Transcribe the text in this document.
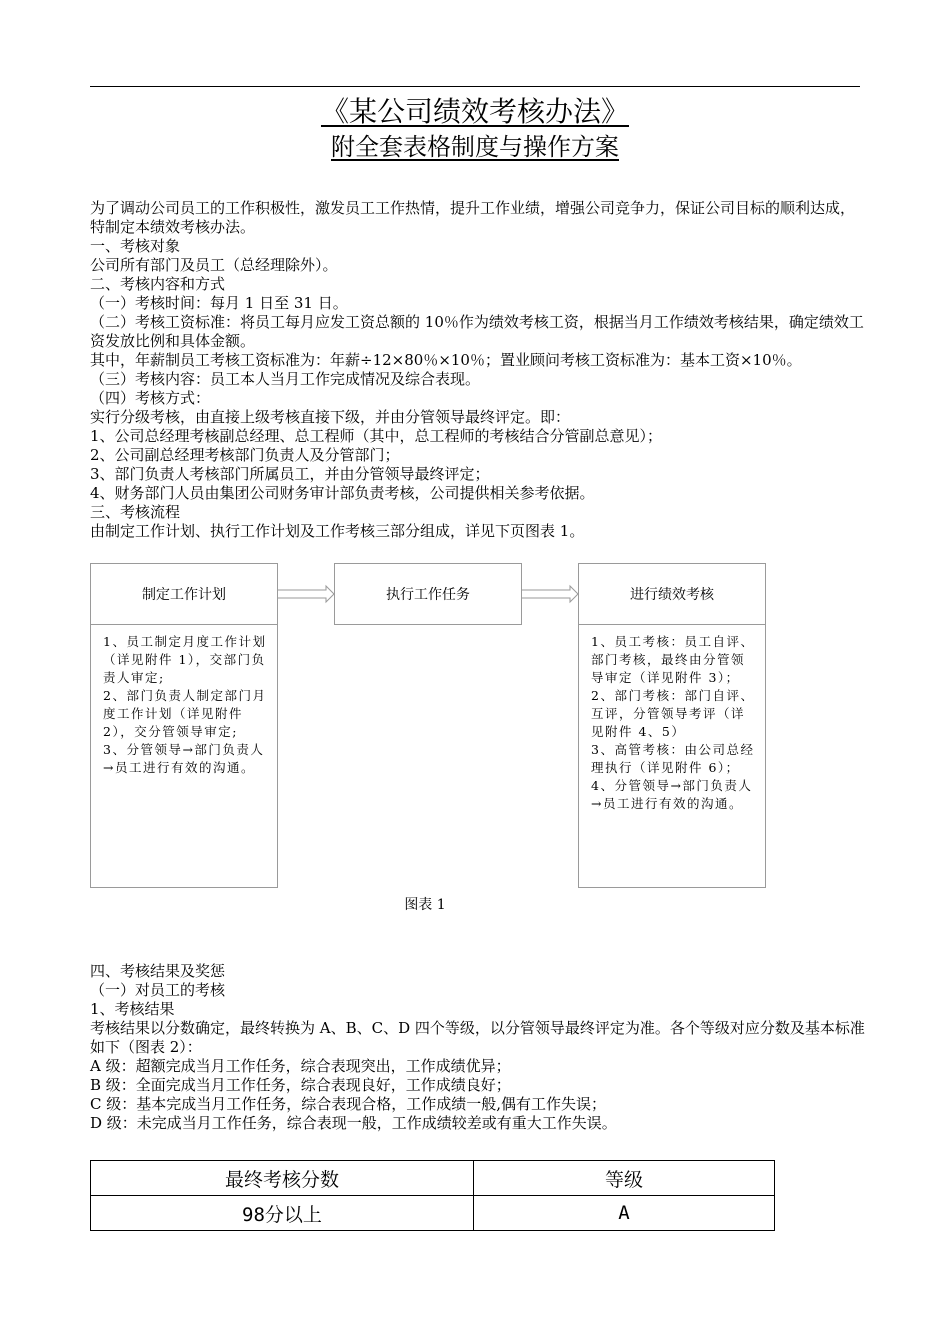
《某公司绩效考核办法》
附全套表格制度与操作方案

为了调动公司员工的工作积极性，激发员工工作热情，提升工作业绩，增强公司竞争力，保证公司目标的顺利达成，特制定本绩效考核办法。

一、考核对象

公司所有部门及员工（总经理除外）。

二、考核内容和方式

（一）考核时间：每月 1 日至 31 日。

（二）考核工资标准：将员工每月应发工资总额的 10％作为绩效考核工资，根据当月工作绩效考核结果，确定绩效工资发放比例和具体金额。

其中，年薪制员工考核工资标准为：年薪÷12×80％×10％；置业顾问考核工资标准为：基本工资×10％。

（三）考核内容：员工本人当月工作完成情况及综合表现。

（四）考核方式：

实行分级考核，由直接上级考核直接下级，并由分管领导最终评定。即：

1、公司总经理考核副总经理、总工程师（其中，总工程师的考核结合分管副总意见）；

2、公司副总经理考核部门负责人及分管部门；

3、部门负责人考核部门所属员工，并由分管领导最终评定；

4、财务部门人员由集团公司财务审计部负责考核，公司提供相关参考依据。

三、考核流程

由制定工作计划、执行工作计划及工作考核三部分组成，详见下页图表 1。

制定工作计划

1、员工制定月度工作计划（详见附件 1），交部门负责人审定;

2、部门负责人制定部门月度工作计划（详见附件 2），交分管领导审定;

3、分管领导→部门负责人→员工进行有效的沟通。

执行工作任务	进行绩效考核

1、员工考核：员工自评、部门考核，最终由分管领导审定（详见附件 3）；

2、部门考核：部门自评、互评，分管领导考评（详见附件 4、5）

3、高管考核：由公司总经理执行（详见附件 6）；

4、分管领导→部门负责人→员工进行有效的沟通。

图表 1

四、考核结果及奖惩

（一）对员工的考核

1、考核结果

考核结果以分数确定，最终转换为 A、B、C、D 四个等级，以分管领导最终评定为准。各个等级对应分数及基本标准如下（图表 2）：

A 级：超额完成当月工作任务，综合表现突出，工作成绩优异；

B 级：全面完成当月工作任务，综合表现良好，工作成绩良好；

C 级：基本完成当月工作任务，综合表现合格，工作成绩一般,偶有工作失误；

D 级：未完成当月工作任务，综合表现一般，工作成绩较差或有重大工作失误。

最终考核分数	等级
98分以上	A
